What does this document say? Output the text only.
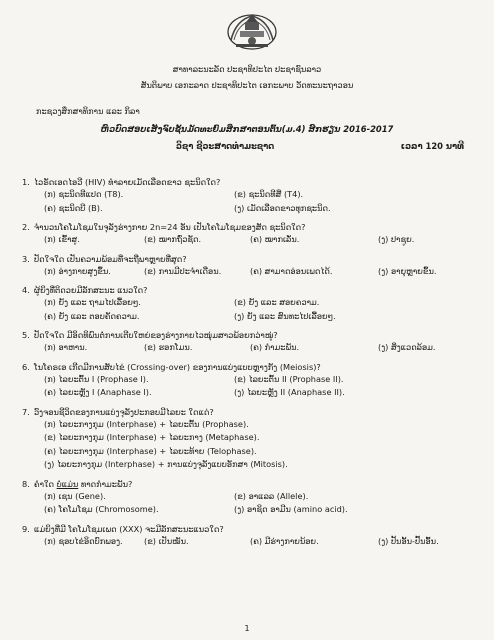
ສາທາລະນະລັດ ປະຊາທິປະໄຕ ປະຊາຊົນລາວ
ສັນຕິພາບ ເອກະລາດ ປະຊາທິປະໄຕ ເອກະພາບ ວັດທະນະຖາວອນ
ກະຊວງສຶກສາທິການ ແລະ ກິລາ
ຫົວບົດສອບເສັງຈົບຊັ້ນມັດທະຍົມສຶກສາຕອນຕົ້ນ(ມ.4) ສົກຮຽນ 2016-2017
ວິຊາ ຊີວະສາດທຳມະຊາດ	ເວລາ 120 ນາທີ
1. ໄວຣັດເອດໄອວີ (HIV) ທຳລາຍເມັດເລືອດຂາວ ຊະນິດໃດ?
(ກ) ຊະນິດທີແປດ (T8).	(ຂ) ຊະນິດທີສີ່ (T4).
(ຄ) ຊະນິດບີ (B).	(ງ) ເມັດເລືອດຂາວທຸກຊະນິດ.
2. ຈຳນວນໂຄໂມໂຊມໃນຈຸລັງຮ່າງກາຍ 2n=24 ອັນ ເປັນໂຄໂມໂຊມຂອງສັດ ຊະນິດໃດ?
(ກ) ເຂົ້າສູ.	(ຂ) ໝາກຖົ່ວຊັດ.	(ຄ) ໝາກເລັ່ນ.	(ງ) ປາຊູຍ.
3. ປັດໃຈໃດ ເປັນຄວາມພ້ອມທີ່ຈະຖືພາຫຼາຍທີ່ສຸດ?
(ກ) ອ່າງກາຍສູງຂຶ້ນ.	(ຂ) ການມີປະຈຳເດືອນ.	(ຄ) ສາມາດອ່ອນເພດໄດ້.	(ງ) ອາຍຸຫຼາຍຂຶ້ນ.
4. ຜູ້ຍິງທີ່ຕິດວຍມີລັກສະນະ ແນວໃດ?
(ກ) ຍັງ ແລະ ຖາມໄປເລື້ອຍໆ.	(ຂ) ຍັງ ແລະ ສອຍຄວາມ.
(ຄ) ຍັງ ແລະ ຕອບຄັດຄວາມ.	(ງ) ຍັງ ແລະ ສົນທະໄປເລື້ອຍໆ.
5. ປັດໃຈໃດ ມີອິດທິພົນຕໍ່ການເຕີບໃຫຍ່ຂອງຮ່າງກາຍໄວໜຸ່ມສາວພ້ອຍກວ່າໝູ່?
(ກ) ອາຫານ.	(ຂ) ຮອກໂມນ.	(ຄ) ກຳມະພັນ.	(ງ) ສິ່ງແວດລ້ອມ.
6. ໂນໂຄຣເອ ເກີດມີການສັບໄຂ່ (Crossing-over) ຂອງການແບ່ງແບບຫຼາງກັງ (Meiosis)?
(ກ) ໄລຍະຕົ້ນ I (Prophase I).	(ຂ) ໄລຍະຕົ້ນ II (Prophase II).
(ຄ) ໄລຍະຫຼັງ I (Anaphase I).	(ງ) ໄລຍະຫຼັງ II (Anaphase II).
7. ວົງຈອນຊີວິດຂອງການແບ່ງຈຸລັງປະກອບມີໄລຍະ ໃດແດ່?
(ກ) ໄລຍະກາງກຸມ (Interphase) + ໄລຍະຕົ້ນ (Prophase).
(ຂ) ໄລຍະກາງກຸມ (Interphase) + ໄລຍະກາງ (Metaphase).
(ຄ) ໄລຍະກາງກຸມ (Interphase) + ໄລຍະທ້າຍ (Telophase).
(ງ) ໄລຍະກາງກຸມ (Interphase) + ການແບ່ງຈຸລັງແບບອັກສາ (Mitosis).
8. ຄຳໃດ ບໍ່ແມ່ນ ທາດກຳມະພັນ?
(ກ) ເຊນ (Gene).	(ຂ) ອາແລລ (Allele).
(ຄ) ໂຄໂມໂຊມ (Chromosome).	(ງ) ອາຊິດ ອາມີນ (amino acid).
9. ແມ່ຍິງທີ່ມີ ໂຄໂມໂຊມເພດ (XXX) ຈະມີລັກສະນະແນວໃດ?
(ກ) ຊອບໄຂ່ອິດບົກພອງ.	(ຂ) ເປັນໝັນ.	(ຄ) ມີຮ່າງກາຍນ້ອຍ.	(ງ) ປັ້ນອັ້ນ-ປົ້ນອົ້ນ.
1
